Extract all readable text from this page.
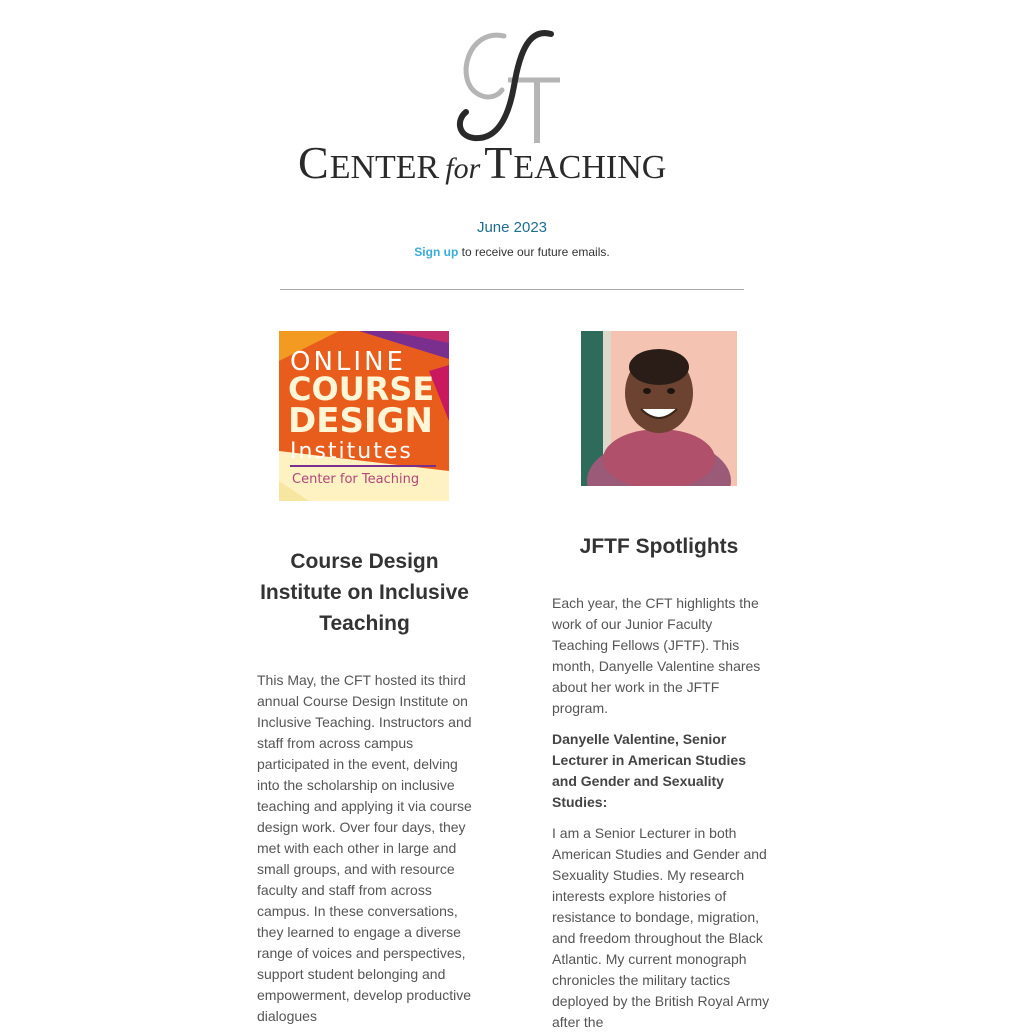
CENTER forTEACHING
June 2023
Sign up to receive our future emails.
ONLINE
COURSE
DESIGN
Institutes
Center for Teaching
Course Design Institute on Inclusive Teaching

This May, the CFT hosted its third annual Course Design Institute on Inclusive Teaching. Instructors and staff from across campus participated in the event, delving into the scholarship on inclusive teaching and applying it via course design work. Over four days, they met with each other in large and small groups, and with resource faculty and staff from across campus. In these conversations, they learned to engage a diverse range of voices and perspectives, support student belonging and empowerment, develop productive dialogues

JFTF Spotlights

Each year, the CFT highlights the work of our Junior Faculty Teaching Fellows (JFTF). This month, Danyelle Valentine shares about her work in the JFTF program.

Danyelle Valentine, Senior Lecturer in American Studies and Gender and Sexuality Studies:

I am a Senior Lecturer in both American Studies and Gender and Sexuality Studies. My research interests explore histories of resistance to bondage, migration, and freedom throughout the Black Atlantic. My current monograph chronicles the military tactics deployed by the British Royal Army after the
